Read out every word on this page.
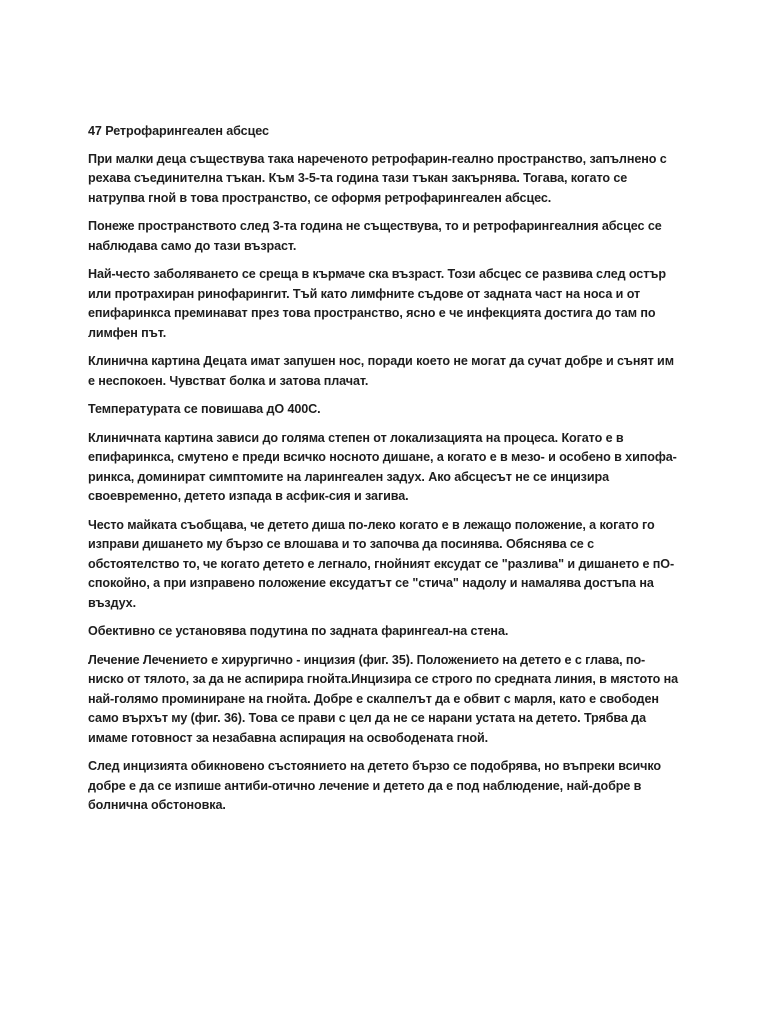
47 Ретрофарингеален абсцес
При малки деца съществува така нареченото ретрофарин-геално пространство, запълнено с рехава съединителна тъкан. Към 3-5-та година тази тъкан закърнява. Тогава, когато се натрупва гной в това пространство, се оформя ретрофарингеален абсцес.
Понеже пространството след 3-та година не съществува, то и ретрофарингеалния абсцес се наблюдава само до тази възраст.
Най-често заболяването се среща в кърмаче ска възраст. Този абсцес се развива след остър или протрахиран ринофарингит. Тъй като лимфните съдове от задната част на носа и от епифаринкса преминават през това пространство, ясно е че инфекцията достига до там по лимфен път.
Клинична картина Децата имат запушен нос, поради което не могат да сучат добре и сънят им е неспокоен. Чувстват болка и затова плачат.
Температурата се повишава дО 400С.
Клиничната картина зависи до голяма степен от локализацията на процеса. Когато е в епифаринкса, смутено е преди всичко носното дишане, а когато е в мезо- и особено в хипофа-ринкса, доминират симптомите на ларингеален задух. Ако абсцесът не се инцизира своевременно, детето изпада в асфик-сия и загива.
Често майката съобщава, че детето диша по-леко когато е в лежащо положение, а когато го изправи дишането му бързо се влошава и то започва да посинява. Обяснява се с обстоятелство то, че когато детето е легнало, гнойният ексудат се "разлива" и дишането е пО-спокойно, а при изправено положение ексудатът се "стича" надолу и намалява достъпа на въздух.
Обективно се установява подутина по задната фарингеал-на стена.
Лечение Лечението е хирургично - инцизия (фиг. 35). Положението на детето е с глава, по-ниско от тялото, за да не аспирира гнойта.Инцизира се строго по средната линия, в мястото на най-голямо проминиране на гнойта. Добре е скалпелът да е обвит с марля, като е свободен само върхът му (фиг. 36). Това се прави с цел да не се нарани устата на детето. Трябва да имаме готовност за незабавна аспирация на освободената гной.
След инцизията обикновено състоянието на детето бързо се подобрява, но въпреки всичко добре е да се изпише антиби-отично лечение и детето да е под наблюдение, най-добре в болнична обстоновка.
